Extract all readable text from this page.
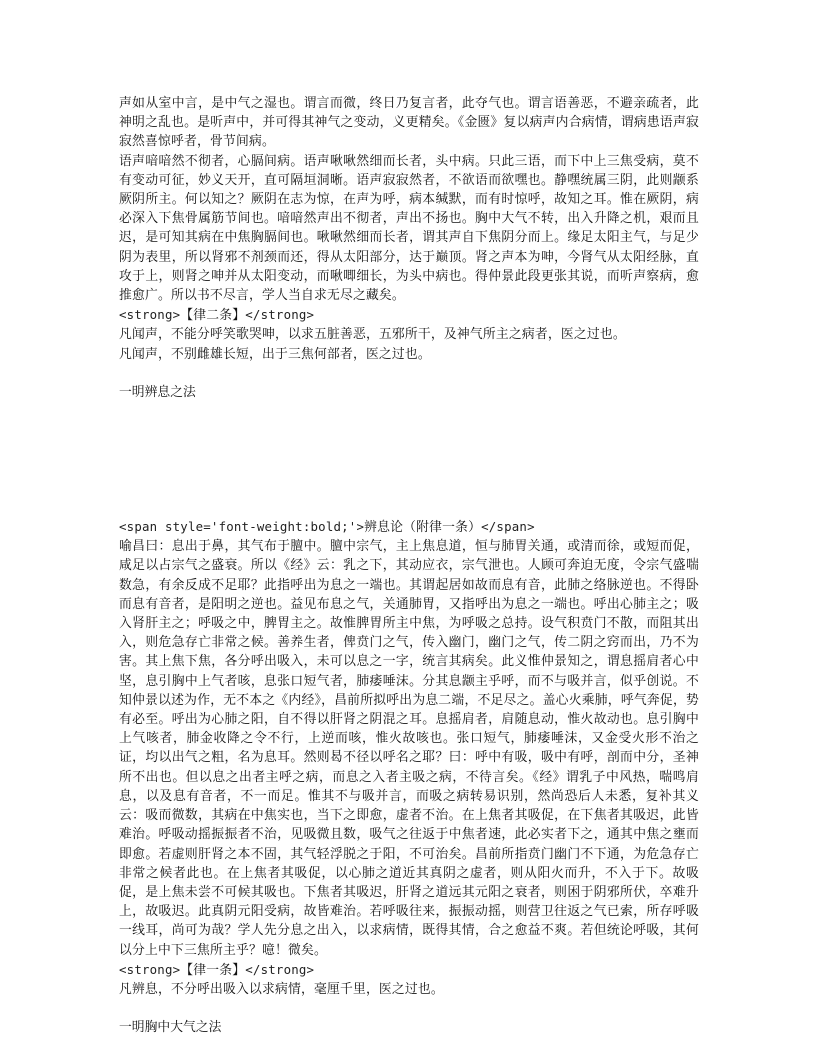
声如从室中言，是中气之湿也。谓言而微，终日乃复言者，此夺气也。谓言语善恶，不避亲疏者，此神明之乱也。是听声中，并可得其神气之变动，义更精矣。《金匮》复以病声内合病情，谓病患语声寂寂然喜惊呼者，骨节间病。

语声喑喑然不彻者，心膈间病。语声啾啾然细而长者，头中病。只此三语，而下中上三焦受病，莫不有变动可征，妙义天开，直可隔垣洞晰。语声寂寂然者，不欲语而欲嘿也。静嘿统属三阴，此则颛系厥阴所主。何以知之？厥阴在志为惊，在声为呼，病本缄默，而有时惊呼，故知之耳。惟在厥阴，病必深入下焦骨属筋节间也。喑喑然声出不彻者，声出不扬也。胸中大气不转，出入升降之机，艰而且迟，是可知其病在中焦胸膈间也。啾啾然细而长者，谓其声自下焦阴分而上。缘足太阳主气，与足少阴为表里，所以肾邪不剂颈而还，得从太阳部分，达于巅顶。肾之声本为呻，今肾气从太阳经脉，直攻于上，则肾之呻并从太阳变动，而啾唧细长，为头中病也。得仲景此段更张其说，而听声察病，愈推愈广。所以书不尽言，学人当自求无尽之藏矣。

<strong>【律二条】</strong>

凡闻声，不能分呼笑歌哭呻，以求五脏善恶，五邪所干，及神气所主之病者，医之过也。

凡闻声，不别雌雄长短，出于三焦何部者，医之过也。

一明辨息之法

<span style='font-weight:bold;'>辨息论（附律一条）</span>

喻昌曰：息出于鼻，其气布于膻中。膻中宗气，主上焦息道，恒与肺胃关通，或清而徐，或短而促，咸足以占宗气之盛衰。所以《经》云：乳之下，其动应衣，宗气泄也。人顾可奔迫无度，令宗气盛喘数急，有余反成不足耶？此指呼出为息之一端也。其谓起居如故而息有音，此肺之络脉逆也。不得卧而息有音者，是阳明之逆也。益见布息之气，关通肺胃，又指呼出为息之一端也。呼出心肺主之；吸入肾肝主之；呼吸之中，脾胃主之。故惟脾胃所主中焦，为呼吸之总持。设气积贲门不散，而阻其出入，则危急存亡非常之候。善养生者，俾贲门之气，传入幽门，幽门之气，传二阴之窍而出，乃不为害。其上焦下焦，各分呼出吸入，未可以息之一字，统言其病矣。此义惟仲景知之，谓息摇肩者心中坚，息引胸中上气者咳，息张口短气者，肺痿唾沫。分其息颛主乎呼，而不与吸并言，似乎创说。不知仲景以述为作，无不本之《内经》，昌前所拟呼出为息二端，不足尽之。盖心火乘肺，呼气奔促，势有必至。呼出为心肺之阳，自不得以肝肾之阴混之耳。息摇肩者，肩随息动，惟火故动也。息引胸中上气咳者，肺金收降之令不行，上逆而咳，惟火故咳也。张口短气，肺痿唾沫，又金受火形不治之证，均以出气之粗，名为息耳。然则曷不径以呼名之耶？曰：呼中有吸，吸中有呼，剖而中分，圣神所不出也。但以息之出者主呼之病，而息之入者主吸之病，不待言矣。《经》谓乳子中风热，喘鸣肩息，以及息有音者，不一而足。惟其不与吸并言，而吸之病转易识别，然尚恐后人未悉，复补其义云：吸而微数，其病在中焦实也，当下之即愈，虚者不治。在上焦者其吸促，在下焦者其吸迟，此皆难治。呼吸动摇振振者不治，见吸微且数，吸气之往返于中焦者速，此必实者下之，通其中焦之壅而即愈。若虚则肝肾之本不固，其气轻浮脱之于阳，不可治矣。昌前所指贲门幽门不下通，为危急存亡非常之候者此也。在上焦者其吸促，以心肺之道近其真阴之虚者，则从阳火而升，不入于下。故吸促，是上焦未尝不可候其吸也。下焦者其吸迟，肝肾之道远其元阳之衰者，则困于阴邪所伏，卒难升上，故吸迟。此真阴元阳受病，故皆难治。若呼吸往来，振振动摇，则营卫往返之气已索，所存呼吸一线耳，尚可为哉？学人先分息之出入，以求病情，既得其情，合之愈益不爽。若但统论呼吸，其何以分上中下三焦所主乎？噫！微矣。

<strong>【律一条】</strong>

凡辨息，不分呼出吸入以求病情，毫厘千里，医之过也。

一明胸中大气之法
